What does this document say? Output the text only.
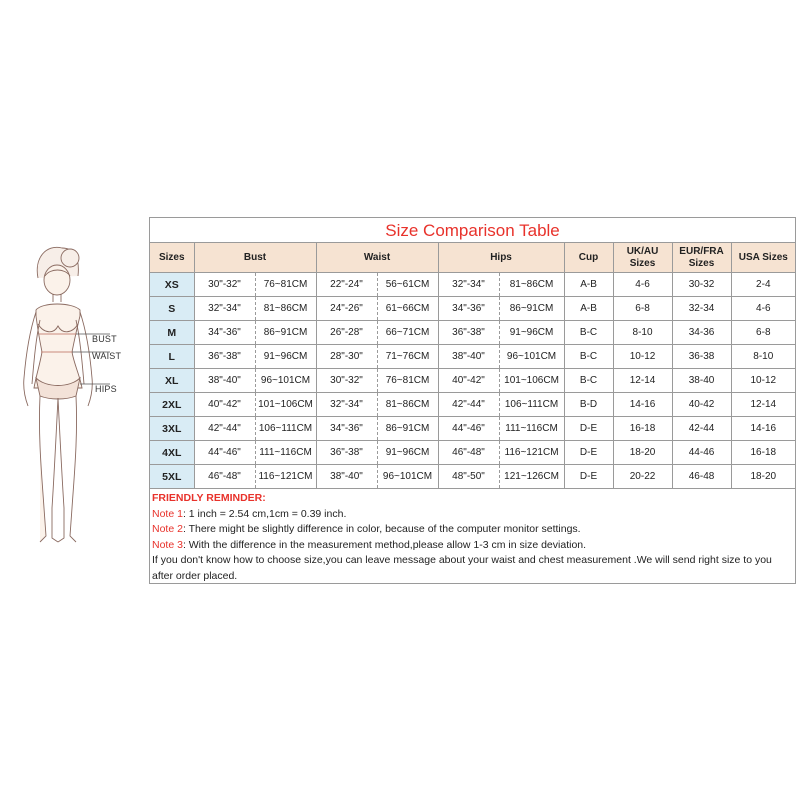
BUST
WAIST
HIPS
Size Comparison Table
Sizes	Bust		Waist		Hips		Cup	UK/AU Sizes	EUR/FRA Sizes	USA Sizes
XS	30"-32"	76~81CM	22"-24"	56~61CM	32"-34"	81~86CM	A-B	4-6	30-32	2-4
S	32"-34"	81~86CM	24"-26"	61~66CM	34"-36"	86~91CM	A-B	6-8	32-34	4-6
M	34"-36"	86~91CM	26"-28"	66~71CM	36"-38"	91~96CM	B-C	8-10	34-36	6-8
L	36"-38"	91~96CM	28"-30"	71~76CM	38"-40"	96~101CM	B-C	10-12	36-38	8-10
XL	38"-40"	96~101CM	30"-32"	76~81CM	40"-42"	101~106CM	B-C	12-14	38-40	10-12
2XL	40"-42"	101~106CM	32"-34"	81~86CM	42"-44"	106~111CM	B-D	14-16	40-42	12-14
3XL	42"-44"	106~111CM	34"-36"	86~91CM	44"-46"	111~116CM	D-E	16-18	42-44	14-16
4XL	44"-46"	111~116CM	36"-38"	91~96CM	46"-48"	116~121CM	D-E	18-20	44-46	16-18
5XL	46"-48"	116~121CM	38"-40"	96~101CM	48"-50"	121~126CM	D-E	20-22	46-48	18-20
FRIENDLY REMINDER:
Note 1: 1 inch = 2.54 cm,1cm = 0.39 inch.
Note 2: There might be slightly difference in color, because of the computer monitor settings.
Note 3: With the difference in the measurement method,please allow 1-3 cm in size deviation.
If you don't know how to choose size,you can leave message about your waist and chest measurement .We will send right size to you after order placed.
